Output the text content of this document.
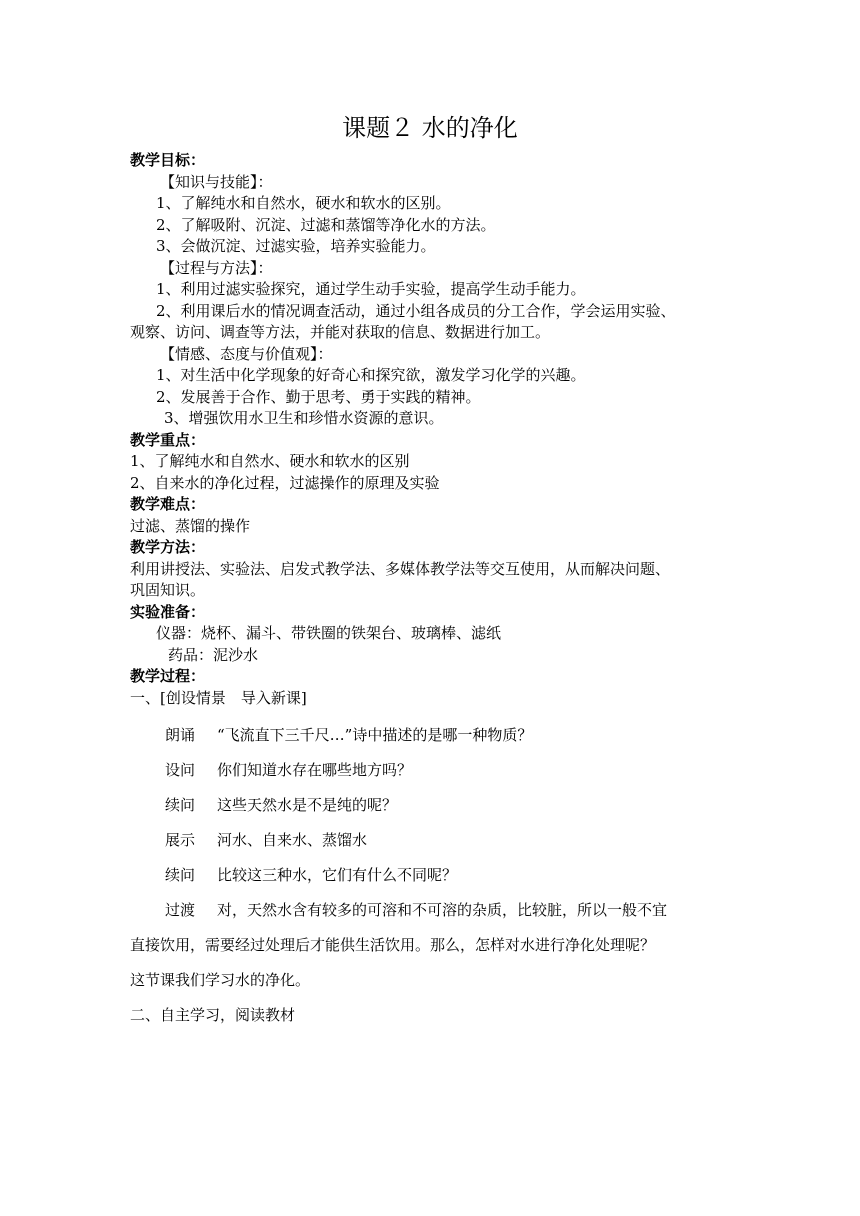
课题２ 水的净化
教学目标：
【知识与技能】：
1、了解纯水和自然水，硬水和软水的区别。
2、了解吸附、沉淀、过滤和蒸馏等净化水的方法。
3、会做沉淀、过滤实验，培养实验能力。
【过程与方法】：
1、利用过滤实验探究，通过学生动手实验，提高学生动手能力。
2、利用课后水的情况调查活动，通过小组各成员的分工合作，学会运用实验、
观察、访问、调查等方法，并能对获取的信息、数据进行加工。
【情感、态度与价值观】：
1、对生活中化学现象的好奇心和探究欲，激发学习化学的兴趣。
2、发展善于合作、勤于思考、勇于实践的精神。
3、增强饮用水卫生和珍惜水资源的意识。
教学重点：
1、了解纯水和自然水、硬水和软水的区别
2、自来水的净化过程，过滤操作的原理及实验
教学难点：
过滤、蒸馏的操作
教学方法：
利用讲授法、实验法、启发式教学法、多媒体教学法等交互使用，从而解决问题、
巩固知识。
实验准备：
仪器：烧杯、漏斗、带铁圈的铁架台、玻璃棒、滤纸
药品：泥沙水
教学过程：
一、[创设情景　导入新课]
朗诵 “飞流直下三千尺…”诗中描述的是哪一种物质？
设问 你们知道水存在哪些地方吗？
续问 这些天然水是不是纯的呢？
展示 河水、自来水、蒸馏水
续问 比较这三种水，它们有什么不同呢？
过渡 对，天然水含有较多的可溶和不可溶的杂质，比较脏，所以一般不宜
直接饮用，需要经过处理后才能供生活饮用。那么，怎样对水进行净化处理呢？
这节课我们学习水的净化。
二、自主学习，阅读教材
